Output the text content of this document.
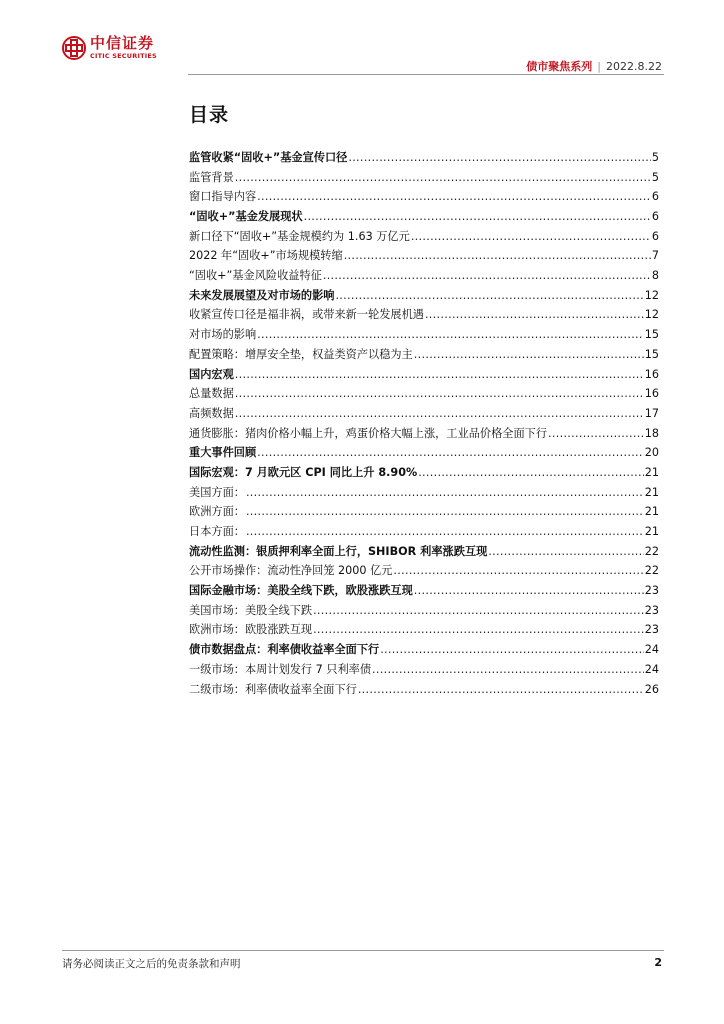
中信证券
CITIC SECURITIES
债市聚焦系列 | 2022.8.22
目录
监管收紧“固收+”基金宣传口径 .....	5
监管背景 .....	5
窗口指导内容 .....	6
“固收+”基金发展现状 .....	6
新口径下“固收+”基金规模约为 1.63 万亿元 .....	6
2022 年“固收+”市场规模转缩 .....	7
“固收+”基金风险收益特征 .....	8
未来发展展望及对市场的影响 .....	12
收紧宣传口径是福非祸，或带来新一轮发展机遇 .....	12
对市场的影响 .....	15
配置策略：增厚安全垫，权益类资产以稳为主 .....	15
国内宏观 .....	16
总量数据 .....	16
高频数据 .....	17
通货膨胀：猪肉价格小幅上升，鸡蛋价格大幅上涨，工业品价格全面下行 .....	18
重大事件回顾 .....	20
国际宏观：7 月欧元区 CPI 同比上升 8.90% .....	21
美国方面： .....	21
欧洲方面： .....	21
日本方面： .....	21
流动性监测：银质押利率全面上行，SHIBOR 利率涨跌互现 .....	22
公开市场操作：流动性净回笼 2000 亿元 .....	22
国际金融市场：美股全线下跌，欧股涨跌互现 .....	23
美国市场：美股全线下跌 .....	23
欧洲市场：欧股涨跌互现 .....	23
债市数据盘点：利率债收益率全面下行 .....	24
一级市场：本周计划发行 7 只利率债 .....	24
二级市场：利率债收益率全面下行 .....	26
请务必阅读正文之后的免责条款和声明	2
